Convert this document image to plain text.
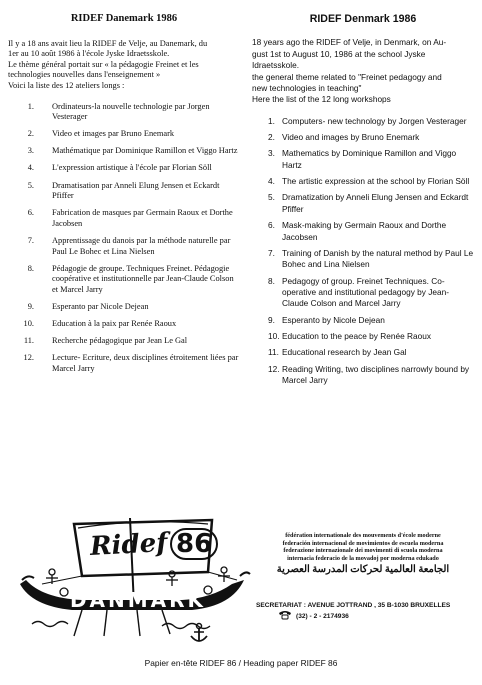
RIDEF Danemark 1986

Il y a 18 ans avait lieu la RIDEF de Velje, au Danemark, du
1er au 10 août 1986 à l'école Jyske Idraetsskole.
Le thème général portait sur « la pédagogie Freinet et les
technologies nouvelles dans l'enseignement »
Voici la liste des 12 ateliers longs :

1. Ordinateurs-la nouvelle technologie par Jorgen Vesterager
2. Video et images par Bruno Enemark
3. Mathématique par Dominique Ramillon et Viggo Hartz
4. L'expression artistique à l'école par Florian Söll
5. Dramatisation par Anneli Elung Jensen et Eckardt Pfiffer
6. Fabrication de masques par Germain Raoux et Dorthe Jacobsen
7. Apprentissage du danois par la méthode naturelle par Paul Le Bohec et Lina Nielsen
8. Pédagogie de groupe. Techniques Freinet. Pédagogie coopérative et institutionnelle par Jean-Claude Colson et Marcel Jarry
9. Esperanto par Nicole Dejean
10. Education à la paix par Renée Raoux
11. Recherche pédagogique par Jean Le Gal
12. Lecture- Ecriture, deux disciplines étroitement liées par Marcel Jarry
RIDEF Denmark 1986

18 years ago the RIDEF of Velje, in Denmark, on Au-
gust 1st to August 10, 1986 at the school Jyske
Idraetsskole.
the general theme related to "Freinet pedagogy and
new technologies in teaching"
Here the list of the 12 long workshops

1. Computers- new technology by Jorgen Vesterager
2. Video and images by Bruno Enemark
3. Mathematics by Dominique Ramillon and Viggo Hartz
4. The artistic expression at the school by Florian Söll
5. Dramatization by Anneli Elung Jensen and Eckardt Pfiffer
6. Mask-making by Germain Raoux and Dorthe Jacobsen
7. Training of Danish by the natural method by Paul Le Bohec and Lina Nielsen
8. Pedagogy of group. Freinet Techniques. Co-operative and institutional pedagogy by Jean-Claude Colson and Marcel Jarry
9. Esperanto by Nicole Dejean
10. Education to the peace by Renée Raoux
11. Educational research by Jean Gal
12. Reading Writing, two disciplines narrowly bound by Marcel Jarry
Ridef 86
DANMARK
fédération internationale des mouvements d'école moderne
federación internacional de movimientos de escuela moderna
federazione internazionale dei movimenti di scuola moderna
internacia federacio de la movadoj por moderna edukado
الجامعة العالمية لحركات المدرسة العصرية
SECRETARIAT : AVENUE JOTTRAND , 35 B-1030 BRUXELLES
(32) - 2 - 2174936
Papier en-tête RIDEF 86 / Heading paper RIDEF 86
